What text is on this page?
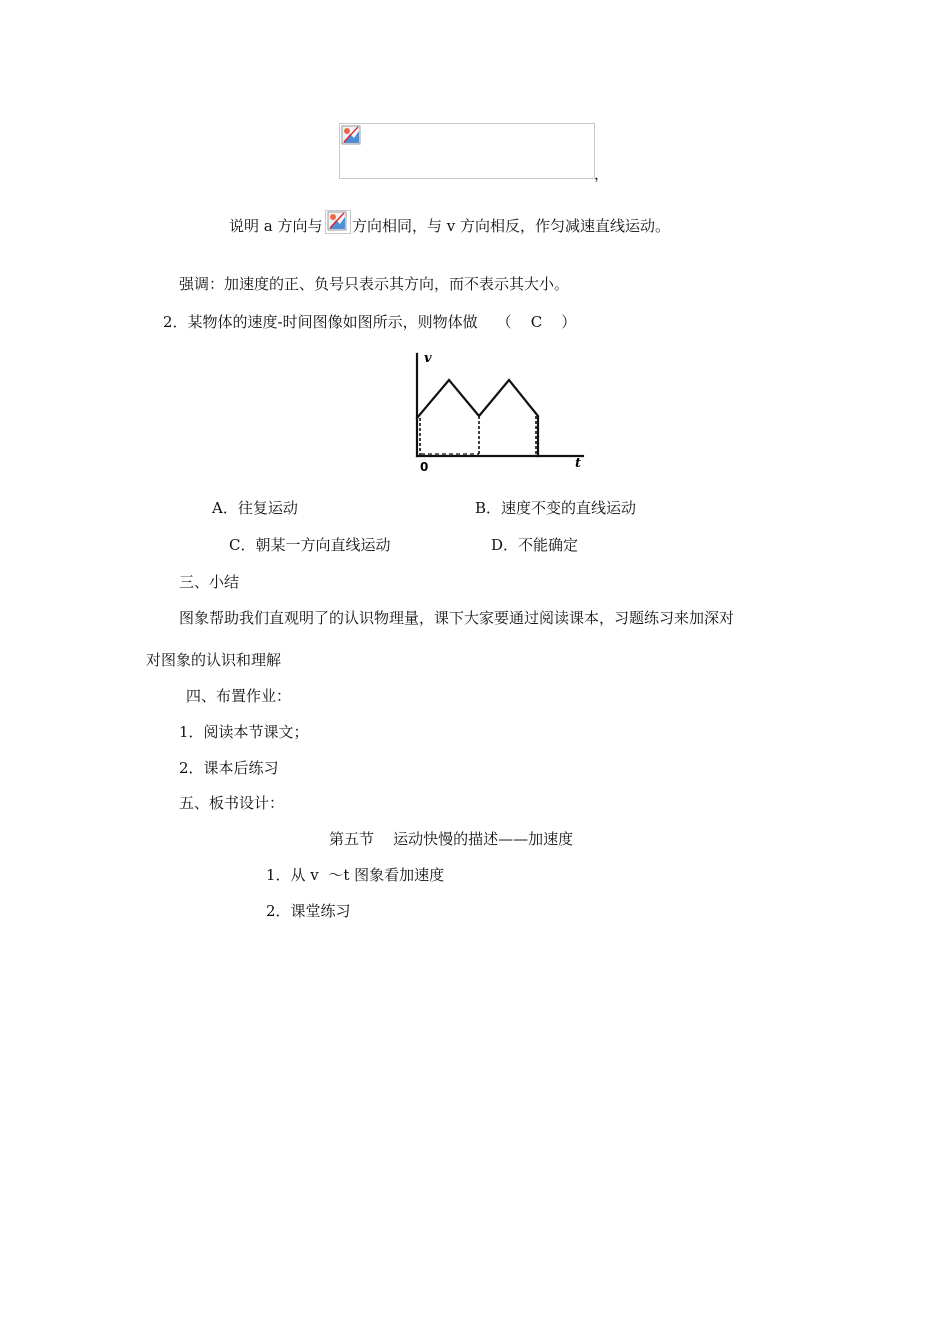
，
说明 a 方向与 方向相同，与 v 方向相反，作匀减速直线运动。
强调：加速度的正、负号只表示其方向，而不表示其大小。
2．某物体的速度-时间图像如图所示，则物体做    （    C    ）
v
t
0
A．往复运动	B．速度不变的直线运动
C．朝某一方向直线运动	D．不能确定
三、小结
图象帮助我们直观明了的认识物理量，课下大家要通过阅读课本，习题练习来加深对
对图象的认识和理解
四、布置作业：
1．阅读本节课文；
2．课本后练习
五、板书设计：
第五节    运动快慢的描述——加速度
1．从 v  ～t 图象看加速度
2．课堂练习
